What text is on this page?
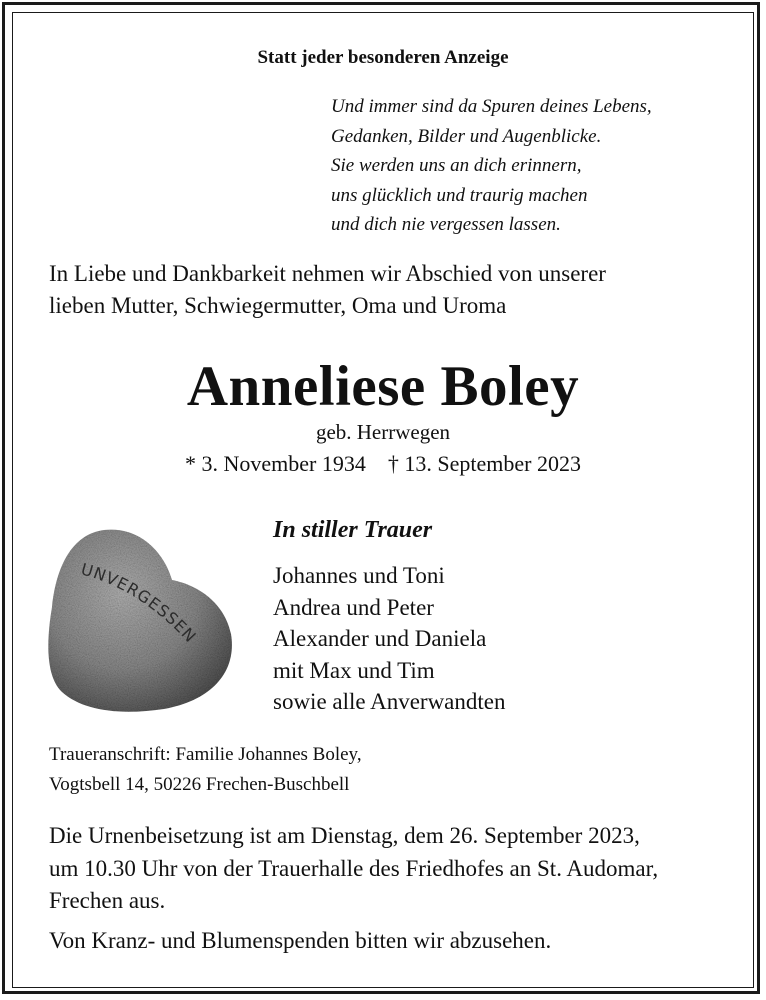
Statt jeder besonderen Anzeige
Und immer sind da Spuren deines Lebens,
Gedanken, Bilder und Augenblicke.
Sie werden uns an dich erinnern,
uns glücklich und traurig machen
und dich nie vergessen lassen.
In Liebe und Dankbarkeit nehmen wir Abschied von unserer
lieben Mutter, Schwiegermutter, Oma und Uroma
Anneliese Boley
geb. Herrwegen
* 3. November 1934 † 13. September 2023
UNVERGESSEN
In stiller Trauer
Johannes und Toni
Andrea und Peter
Alexander und Daniela
mit Max und Tim
sowie alle Anverwandten
Traueranschrift: Familie Johannes Boley,
Vogtsbell 14, 50226 Frechen-Buschbell
Die Urnenbeisetzung ist am Dienstag, dem 26. September 2023,
um 10.30 Uhr von der Trauerhalle des Friedhofes an St. Audomar,
Frechen aus.
Von Kranz- und Blumenspenden bitten wir abzusehen.
